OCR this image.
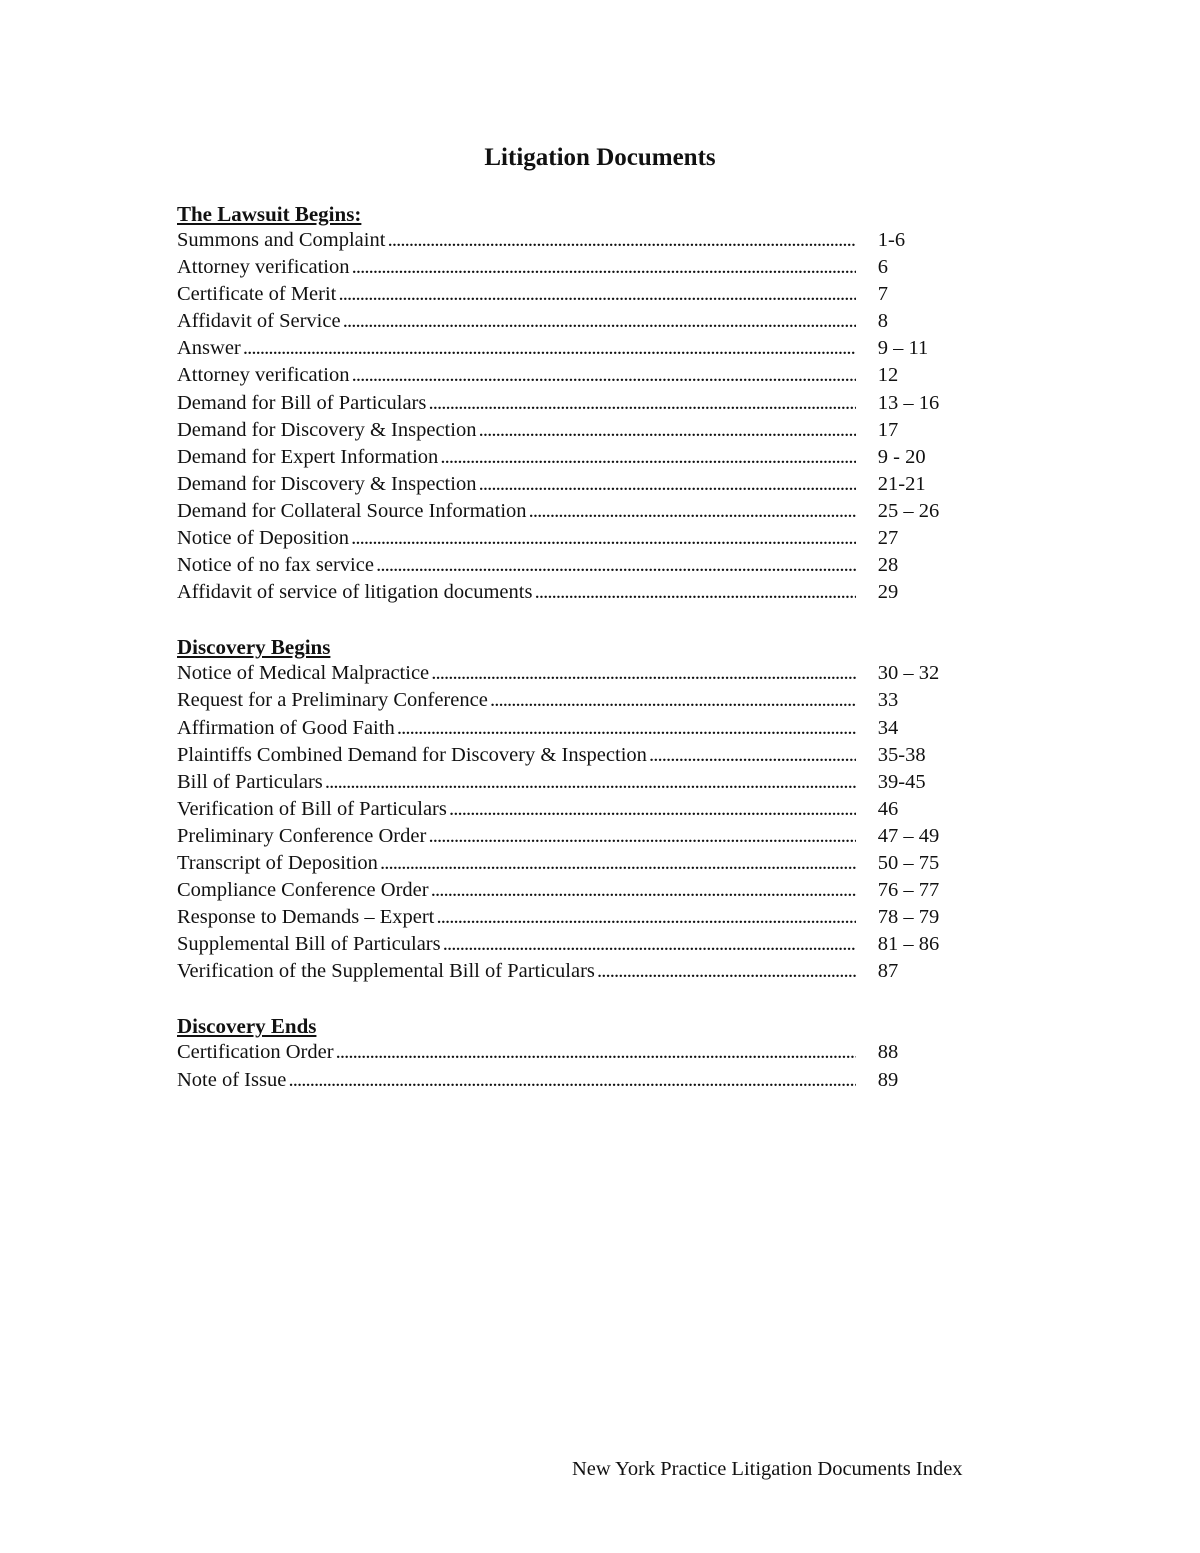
Litigation Documents
The Lawsuit Begins:
Summons and Complaint . . .	1-6
Attorney verification . . .	6
Certificate of Merit . . .	7
Affidavit of Service . . .	8
Answer . . .	9 – 11
Attorney verification . . .	12
Demand for Bill of Particulars . . .	13 – 16
Demand for Discovery & Inspection . . .	17
Demand for Expert Information . . .	9 - 20
Demand for Discovery & Inspection . . .	21-21
Demand for Collateral Source Information . . .	25 – 26
Notice of Deposition . . .	27
Notice of no fax service . . .	28
Affidavit of service of litigation documents . . .	29
Discovery Begins
Notice of Medical Malpractice . . .	30 – 32
Request for a Preliminary Conference . . .	33
Affirmation of Good Faith . . .	34
Plaintiffs Combined Demand for Discovery & Inspection . . .	35-38
Bill of Particulars . . .	39-45
Verification of Bill of Particulars . . .	46
Preliminary Conference Order . . .	47 – 49
Transcript of Deposition . . .	50 – 75
Compliance Conference Order . . .	76 – 77
Response to Demands – Expert . . .	78 – 79
Supplemental Bill of Particulars . . .	81 – 86
Verification of the Supplemental Bill of Particulars . . .	87
Discovery Ends
Certification Order . . .	88
Note of Issue . . .	89
New York Practice Litigation Documents Index
